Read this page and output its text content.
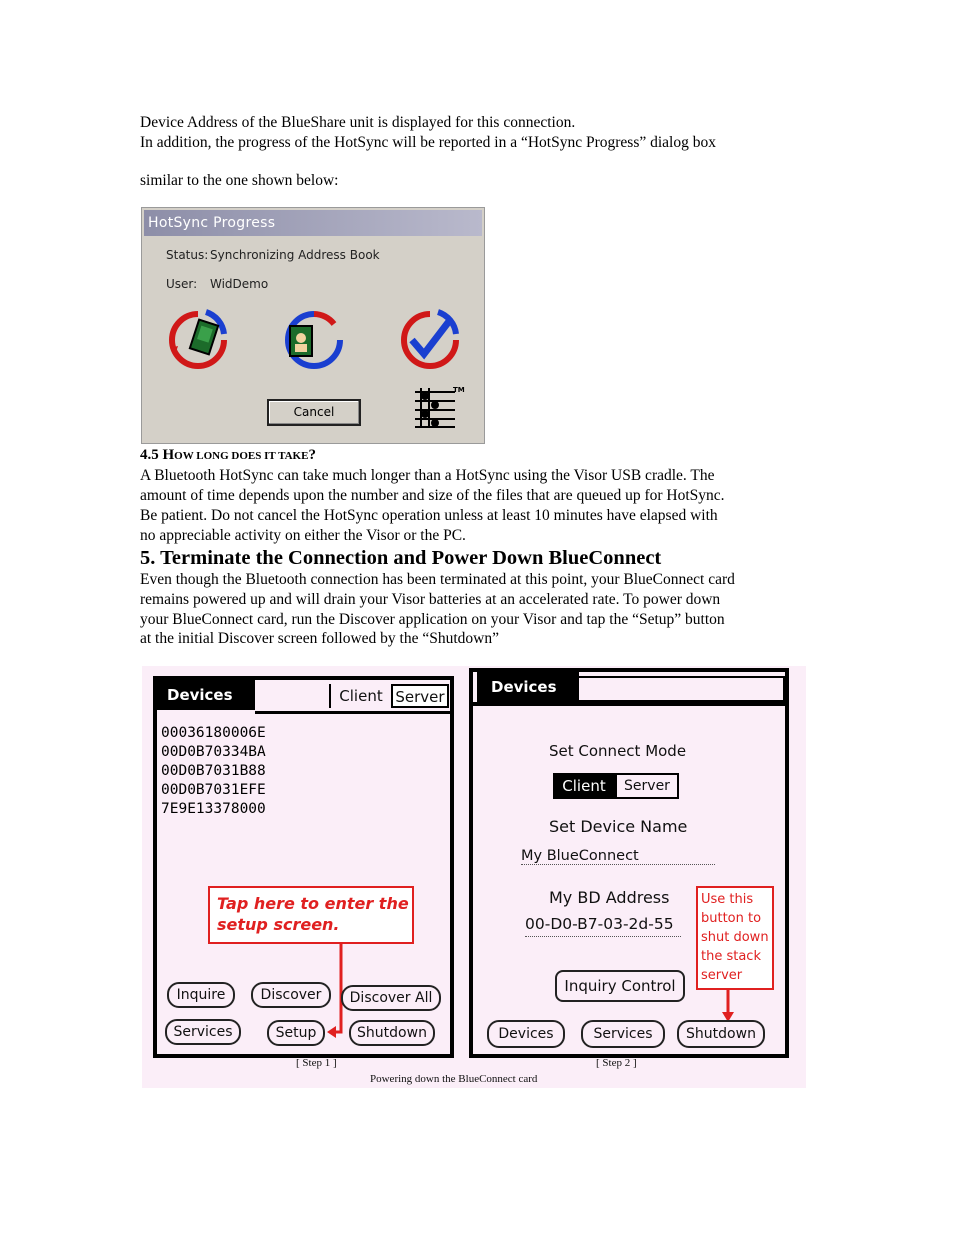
Device Address of the BlueShare unit is displayed for this connection.
In addition, the progress of the HotSync will be reported in a “HotSync Progress” dialog box
similar to the one shown below:
HotSync Progress
Status: Synchronizing Address Book
User: WidDemo
Cancel
TM
4.5 HOW LONG DOES IT TAKE?
A Bluetooth HotSync can take much longer than a HotSync using the Visor USB cradle. The
amount of time depends upon the number and size of the files that are queued up for HotSync.
Be patient. Do not cancel the HotSync operation unless at least 10 minutes have elapsed with
no appreciable activity on either the Visor or the PC.
5. Terminate the Connection and Power Down BlueConnect
Even though the Bluetooth connection has been terminated at this point, your BlueConnect card
remains powered up and will drain your Visor batteries at an accelerated rate. To power down
your BlueConnect card, run the Discover application on your Visor and tap the “Setup” button
at the initial Discover screen followed by the “Shutdown”
Devices	Client Server
00036180006E
00D0B70334BA
00D0B7031B88
00D0B7031EFE
7E9E13378000
Tap here to enter the
setup screen.
Inquire	Discover	Discover All
Services	Setup	Shutdown
Devices
Set Connect Mode
Client	Server
Set Device Name
My BlueConnect
My BD Address
00-D0-B7-03-2d-55
Inquiry Control
Use this
button to
shut down
the stack
server
Devices	Services	Shutdown
[ Step 1 ]	[ Step 2 ]
Powering down the BlueConnect card
